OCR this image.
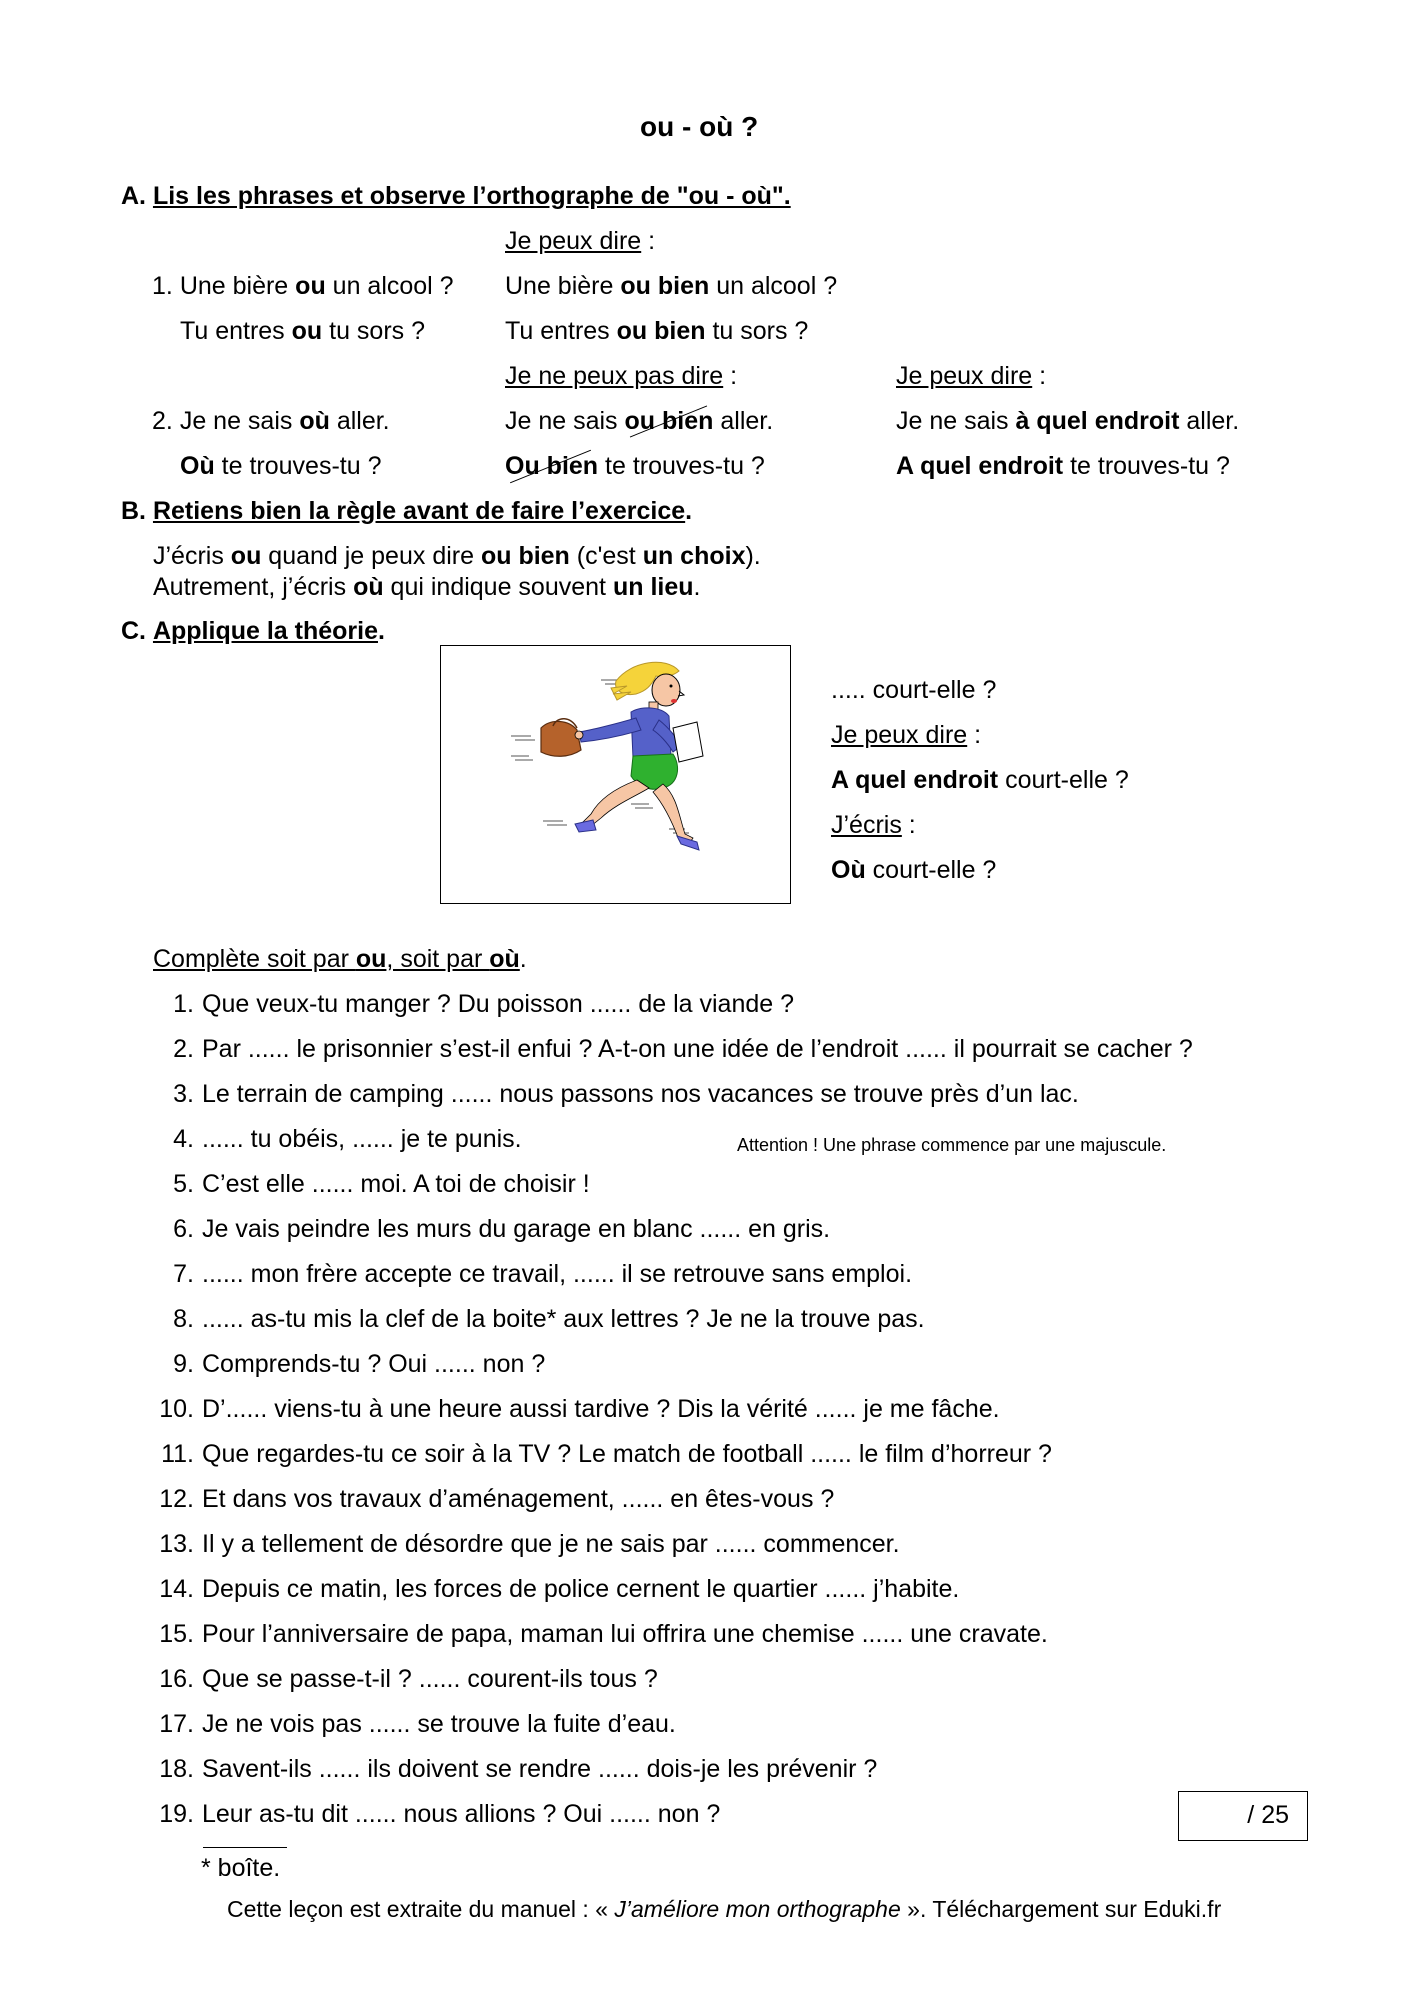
ou - où ?
A. Lis les phrases et observe l’orthographe de "ou - où".
Je peux dire :
1. Une bière ou un alcool ? Une bière ou bien un alcool ?
Tu entres ou tu sors ?	Tu entres ou bien tu sors ?
Je ne peux pas dire :	Je peux dire :
2. Je ne sais où aller.	Je ne sais ou bien aller.	Je ne sais à quel endroit aller.
Où te trouves-tu ?	Ou bien te trouves-tu ?	A quel endroit te trouves-tu ?
B. Retiens bien la règle avant de faire l’exercice.
J’écris ou quand je peux dire ou bien (c'est un choix).
Autrement, j’écris où qui indique souvent un lieu.
C. Applique la théorie.
..... court-elle ?
Je peux dire :
A quel endroit court-elle ?
J’écris :
Où court-elle ?
Complète soit par ou, soit par où.
1. Que veux-tu manger ? Du poisson ...... de la viande ?
2. Par ...... le prisonnier s’est-il enfui ? A-t-on une idée de l’endroit ...... il pourrait se cacher ?
3. Le terrain de camping ...... nous passons nos vacances se trouve près d’un lac.
4. ...... tu obéis, ...... je te punis.
5. C’est elle ...... moi. A toi de choisir !
6. Je vais peindre les murs du garage en blanc ...... en gris.
7. ...... mon frère accepte ce travail, ...... il se retrouve sans emploi.
8. ...... as-tu mis la clef de la boite* aux lettres ? Je ne la trouve pas.
9. Comprends-tu ? Oui ...... non ?
10. D’...... viens-tu à une heure aussi tardive ? Dis la vérité ...... je me fâche.
11. Que regardes-tu ce soir à la TV ? Le match de football ...... le film d’horreur ?
12. Et dans vos travaux d’aménagement, ...... en êtes-vous ?
13. Il y a tellement de désordre que je ne sais par ...... commencer.
14. Depuis ce matin, les forces de police cernent le quartier ...... j’habite.
15. Pour l’anniversaire de papa, maman lui offrira une chemise ...... une cravate.
16. Que se passe-t-il ? ...... courent-ils tous ?
17. Je ne vois pas ...... se trouve la fuite d’eau.
18. Savent-ils ...... ils doivent se rendre ...... dois-je les prévenir ?
19. Leur as-tu dit ...... nous allions ? Oui ...... non ?
Attention ! Une phrase commence par une majuscule.
/ 25
* boîte.
Cette leçon est extraite du manuel : « J’améliore mon orthographe ». Téléchargement sur Eduki.fr
